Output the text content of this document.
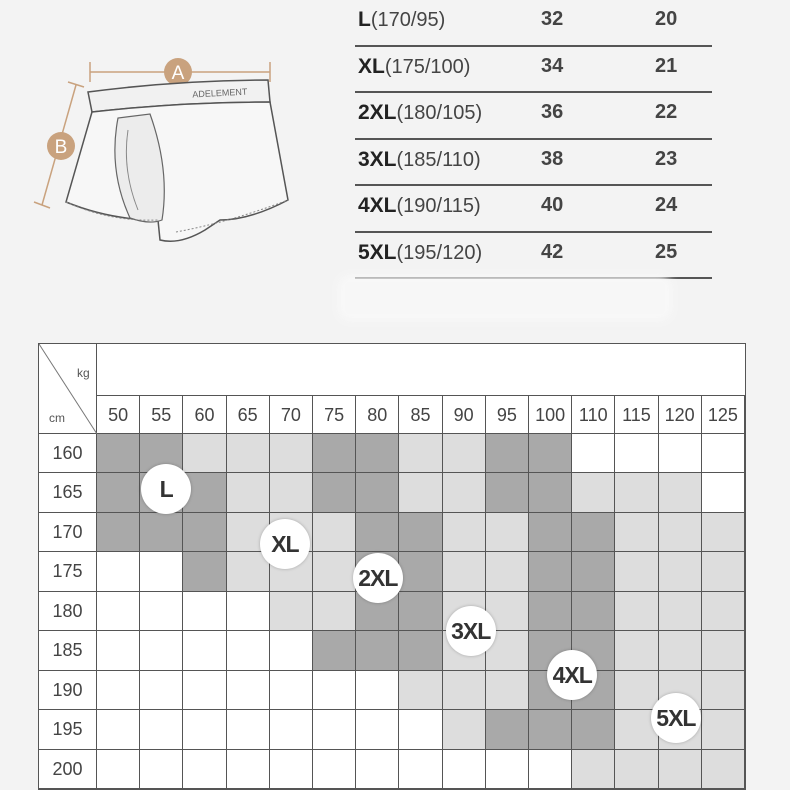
A
B
ADELEMENT
L(170/95)	32	20
XL(175/100)	34	21
2XL(180/105)	36	22
3XL(185/110)	38	23
4XL(190/115)	40	24
5XL(195/120)	42	25
kg
cm	50	55	60	65	70	75	80	85	90	95	100 110 115 120 125
160
165
170
175
180
185
190
195
200
L
XL
2XL
3XL
4XL
5XL
